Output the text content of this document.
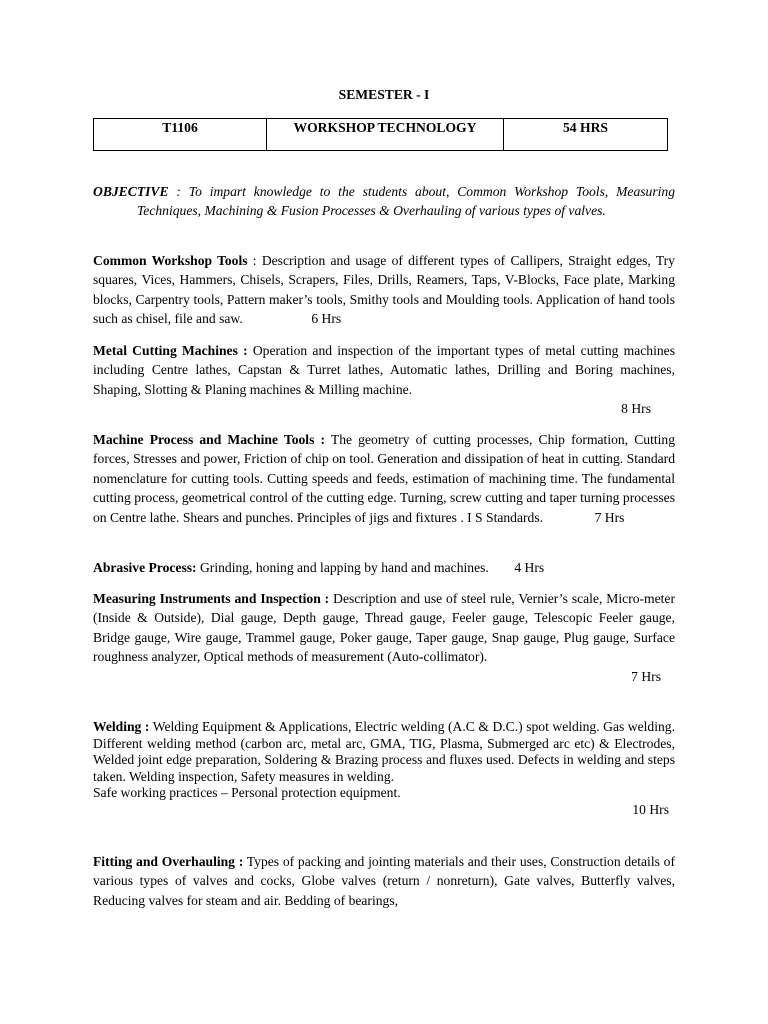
SEMESTER - I
T1106	WORKSHOP TECHNOLOGY	54 HRS
OBJECTIVE : To impart knowledge to the students about, Common Workshop Tools, Measuring Techniques, Machining & Fusion Processes & Overhauling of various types of valves.
Common Workshop Tools : Description and usage of different types of Callipers, Straight edges, Try squares, Vices, Hammers, Chisels, Scrapers, Files, Drills, Reamers, Taps, V-Blocks, Face plate, Marking blocks, Carpentry tools, Pattern maker’s tools, Smithy tools and Moulding tools. Application of hand tools such as chisel, file and saw.	6 Hrs
Metal Cutting Machines : Operation and inspection of the important types of metal cutting machines including Centre lathes, Capstan & Turret lathes, Automatic lathes, Drilling and Boring machines, Shaping, Slotting & Planing machines & Milling machine.
8 Hrs
Machine Process and Machine Tools : The geometry of cutting processes, Chip formation, Cutting forces, Stresses and power, Friction of chip on tool. Generation and dissipation of heat in cutting. Standard nomenclature for cutting tools. Cutting speeds and feeds, estimation of machining time. The fundamental cutting process, geometrical control of the cutting edge. Turning, screw cutting and taper turning processes on Centre lathe. Shears and punches. Principles of jigs and fixtures . I S Standards.	7 Hrs
Abrasive Process: Grinding, honing and lapping by hand and machines. 4 Hrs
Measuring Instruments and Inspection : Description and use of steel rule, Vernier’s scale, Micro-meter (Inside & Outside), Dial gauge, Depth gauge, Thread gauge, Feeler gauge, Telescopic Feeler gauge, Bridge gauge, Wire gauge, Trammel gauge, Poker gauge, Taper gauge, Snap gauge, Plug gauge, Surface roughness analyzer, Optical methods of measurement (Auto-collimator).
7 Hrs
Welding : Welding Equipment & Applications, Electric welding (A.C & D.C.) spot welding. Gas welding. Different welding method (carbon arc, metal arc, GMA, TIG, Plasma, Submerged arc etc) & Electrodes, Welded joint edge preparation, Soldering & Brazing process and fluxes used. Defects in welding and steps taken. Welding inspection, Safety measures in welding.
Safe working practices – Personal protection equipment.
10 Hrs
Fitting and Overhauling : Types of packing and jointing materials and their uses, Construction details of various types of valves and cocks, Globe valves (return / nonreturn), Gate valves, Butterfly valves, Reducing valves for steam and air. Bedding of bearings,
